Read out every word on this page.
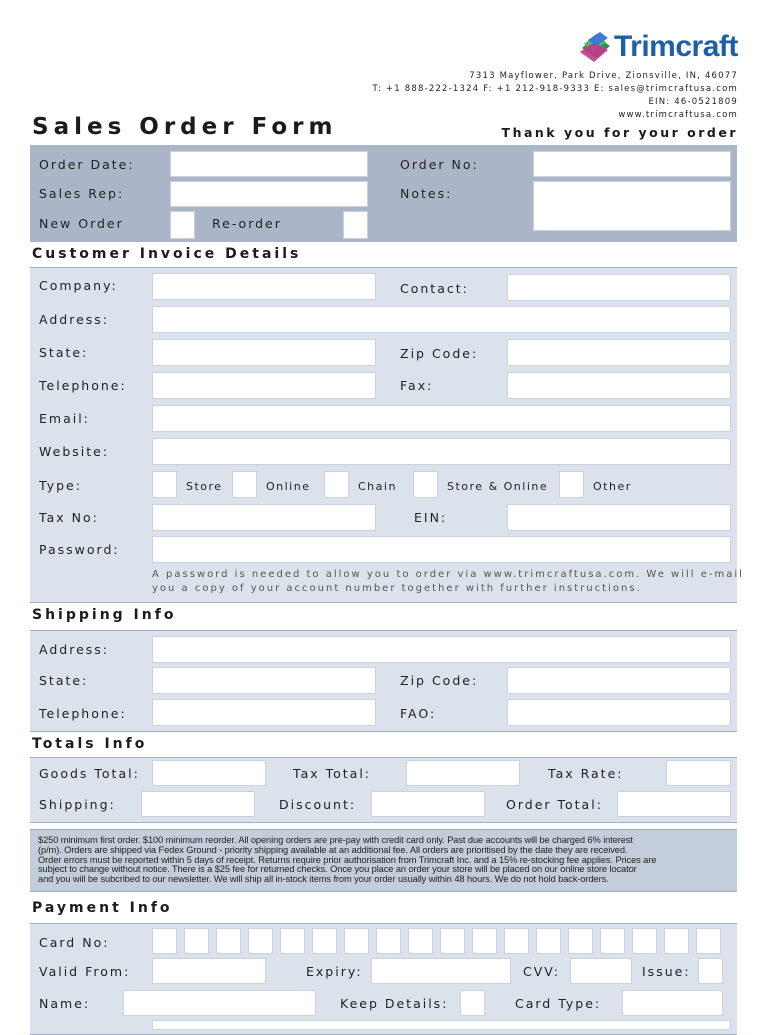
Trimcraft
7313 Mayflower, Park Drive, Zionsville, IN, 46077
T: +1 888-222-1324 F: +1 212-918-9333 E: sales@trimcraftusa.com
EIN: 46-0521809
www.trimcraftusa.com
Sales Order Form	Thank you for your order
Order Date:
Sales Rep:
New Order	Re-order
Order No:
Notes:
Customer Invoice Details
Company:	Contact:
Address:
State:	Zip Code:
Telephone:	Fax:
Email:
Website:
Type:	Store	Online	Chain	Store & Online	Other
Tax No:	EIN:
Password:
A password is needed to allow you to order via www.trimcraftusa.com. We will e-mail
you a copy of your account number together with further instructions.
Shipping Info
Address:
State:	Zip Code:
Telephone:	FAO:
Totals Info
Goods Total:	Tax Total:	Tax Rate:
Shipping:	Discount:	Order Total:
$250 minimum first order. $100 minimum reorder. All opening orders are pre-pay with credit card only. Past due accounts will be charged 6% interest
(p/m). Orders are shipped via Fedex Ground - priority shipping available at an additional fee. All orders are prioritised by the date they are received.
Order errors must be reported within 5 days of receipt. Returns require prior authorisation from Trimcraft Inc. and a 15% re-stocking fee applies. Prices are
subject to change without notice. There is a $25 fee for returned checks. Once you place an order your store will be placed on our online store locator
and you will be subcribed to our newsletter. We will ship all in-stock items from your order usually within 48 hours. We do not hold back-orders.
Payment Info
Card No:
Valid From:	Expiry:	CVV:	Issue:
Name:	Keep Details:	Card Type:
